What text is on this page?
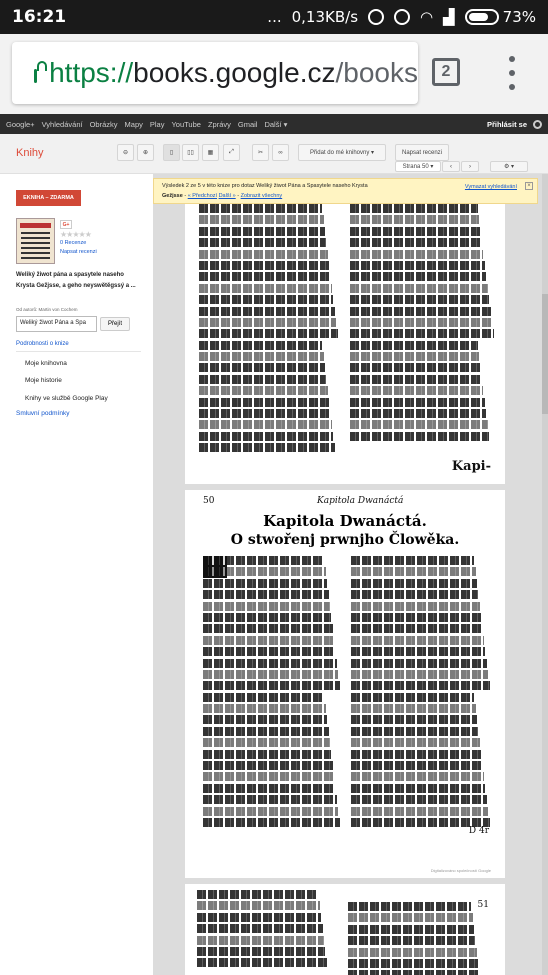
16:21	... 0,13KB/s	◠ ▟	73%
https://books.google.cz/books	2
Google+ Vyhledávání Obrázky Mapy Play YouTube Zprávy Gmail Další ▾	Přihlásit se
Knihy	⊖	⊕	▯	▯▯	▦	⤢	✂	∞	Přidat do mé knihovny ▾	Napsat recenzi
Strana 50 ▾	‹	›	⚙ ▾
EKNIHA – ZDARMA
G+
★★★★★
0 Recenze
Napsat recenzi
Weliký žiwot pána a spasytele naseho Krysta Gežjsse, a geho neyswětěgssý a ...
Od autorů: Martin von Cochem
Weliký žiwot Pána a Spa	Přejít
Podrobnosti o knize
Moje knihovna
Moje historie
Knihy ve službě Google Play
Smluvní podmínky
Kapi-
50	Kapitola Dwanáctá
Kapitola Dwanáctá.
O stwořenj prwnjho Člowěka.
D 4r
Digitalizováno společností Google
51
Výsledek 2 ze 5 v této knize pro dotaz Weliký žiwot Pána a Spasytele naseho Krysta
Gežjsse - « Předchozí Další » - Zobrazit všechny
Vymazat vyhledávání	×
